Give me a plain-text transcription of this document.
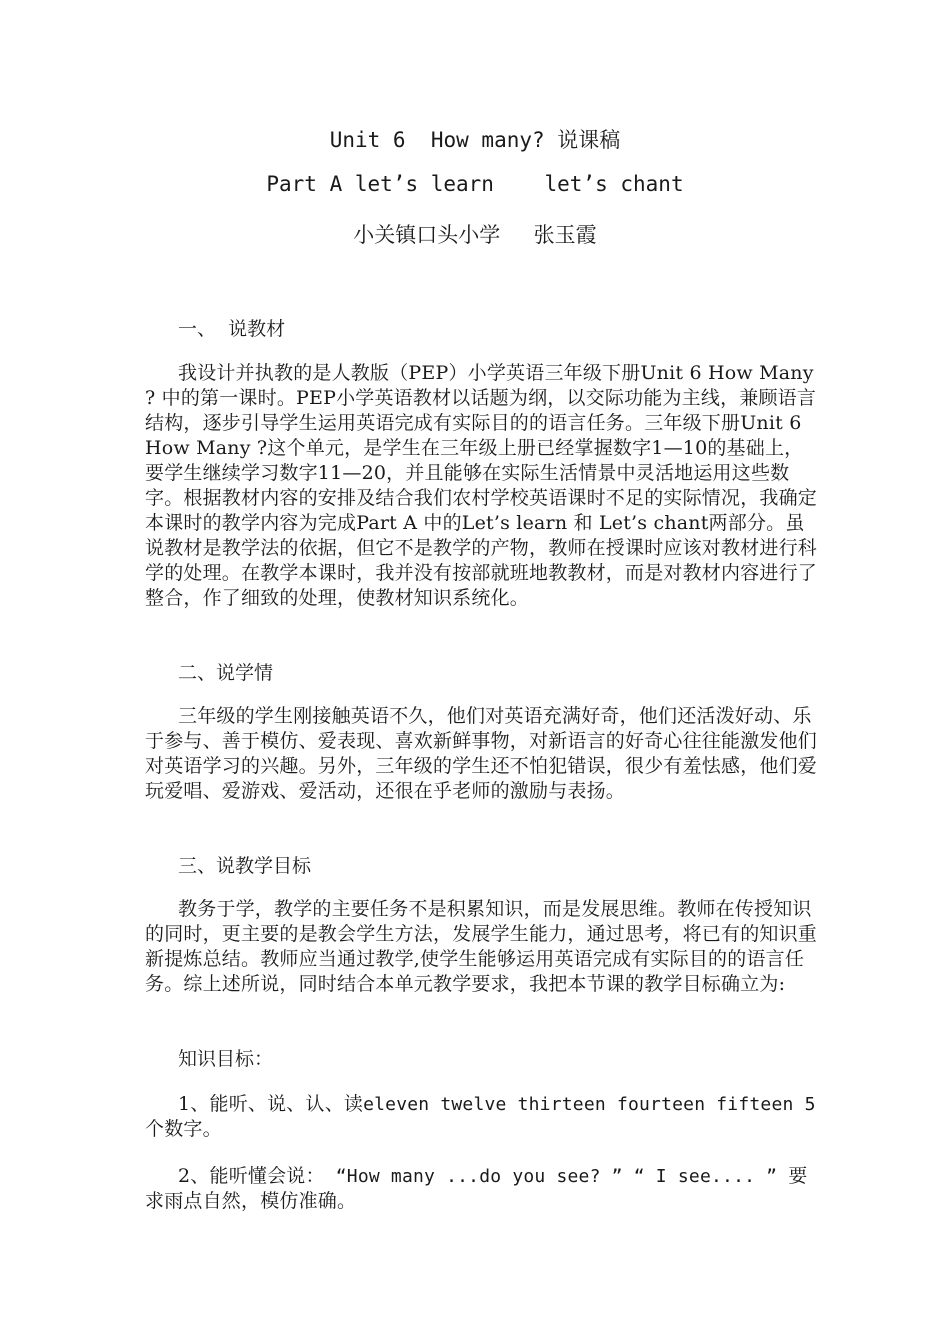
Unit 6  How many? 说课稿
Part A let’s learn    let’s chant
小关镇口头小学     张玉霞
一、  说教材
我设计并执教的是人教版（PEP）小学英语三年级下册Unit 6 How Many ? 中的第一课时。PEP小学英语教材以话题为纲，以交际功能为主线，兼顾语言结构，逐步引导学生运用英语完成有实际目的的语言任务。三年级下册Unit 6 How Many ?这个单元，是学生在三年级上册已经掌握数字1—10的基础上，要学生继续学习数字11—20，并且能够在实际生活情景中灵活地运用这些数字。根据教材内容的安排及结合我们农村学校英语课时不足的实际情况，我确定本课时的教学内容为完成Part A 中的Let’s learn 和 Let’s chant两部分。虽说教材是教学法的依据，但它不是教学的产物，教师在授课时应该对教材进行科学的处理。在教学本课时，我并没有按部就班地教教材，而是对教材内容进行了整合，作了细致的处理，使教材知识系统化。
二、说学情
三年级的学生刚接触英语不久，他们对英语充满好奇，他们还活泼好动、乐于参与、善于模仿、爱表现、喜欢新鲜事物，对新语言的好奇心往往能激发他们对英语学习的兴趣。另外，三年级的学生还不怕犯错误，很少有羞怯感，他们爱玩爱唱、爱游戏、爱活动，还很在乎老师的激励与表扬。
三、说教学目标
教务于学，教学的主要任务不是积累知识，而是发展思维。教师在传授知识的同时，更主要的是教会学生方法，发展学生能力，通过思考，将已有的知识重新提炼总结。教师应当通过教学,使学生能够运用英语完成有实际目的的语言任务。综上述所说，同时结合本单元教学要求，我把本节课的教学目标确立为:
知识目标：
1、能听、说、认、读eleven twelve thirteen fourteen fifteen 5个数字。
2、能听懂会说： “How many ...do you see? ” “ I see.... ” 要求雨点自然，模仿准确。
